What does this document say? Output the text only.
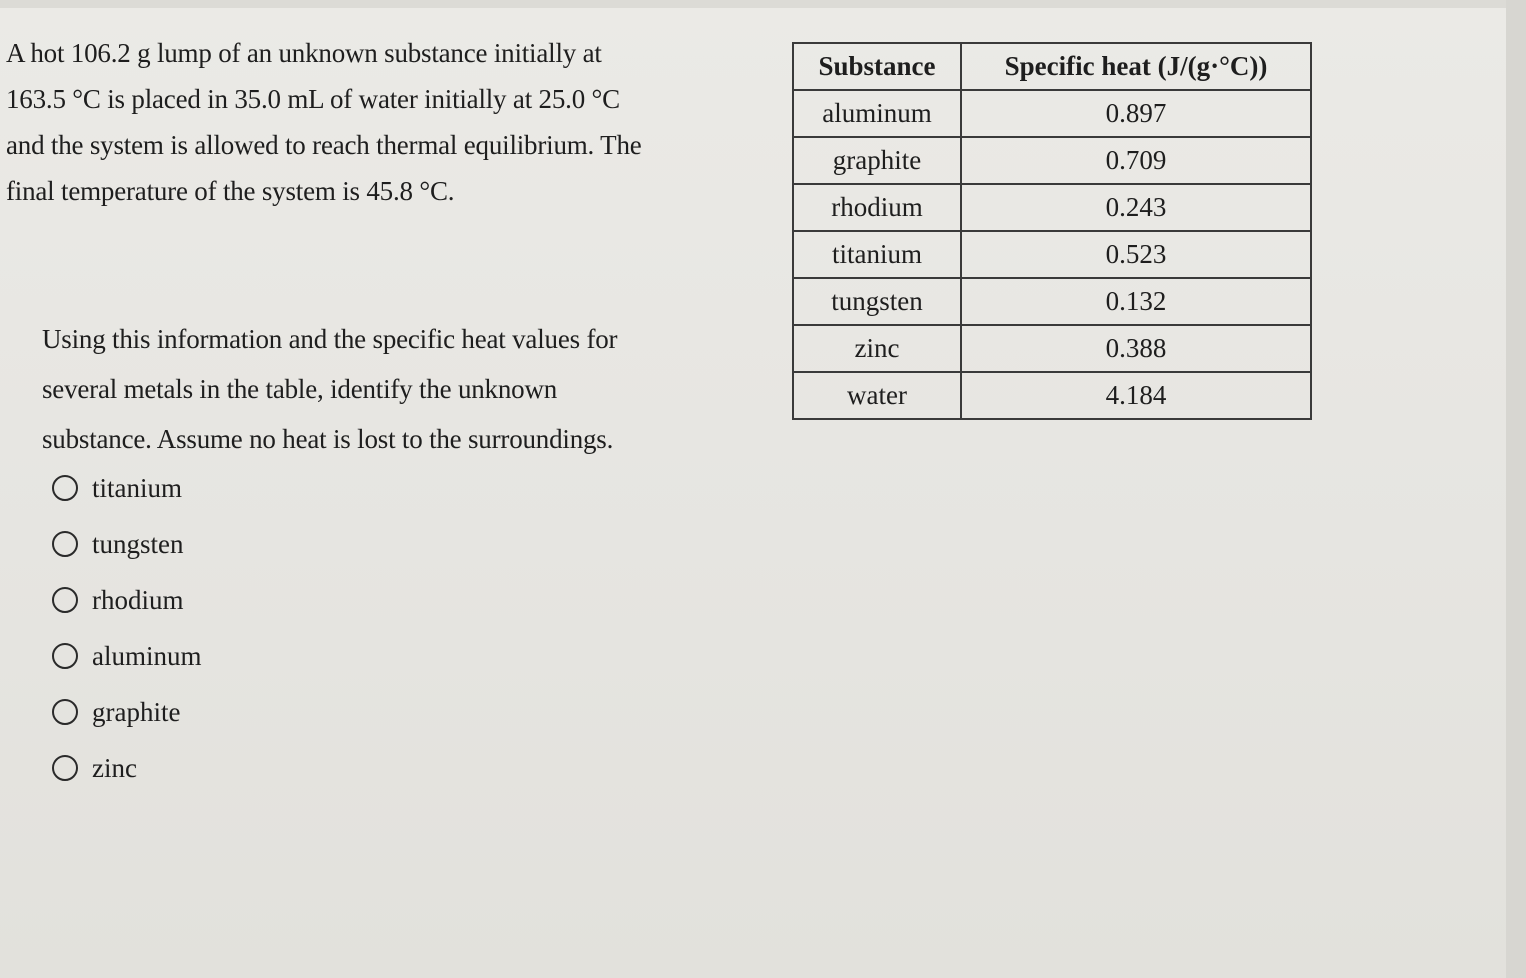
A hot 106.2 g lump of an unknown substance initially at
163.5 °C is placed in 35.0 mL of water initially at 25.0 °C
and the system is allowed to reach thermal equilibrium. The
final temperature of the system is 45.8 °C.
Using this information and the specific heat values for
several metals in the table, identify the unknown
substance. Assume no heat is lost to the surroundings.
titanium
tungsten
rhodium
aluminum
graphite
zinc
Substance	Specific heat (J/(g·°C))
aluminum	0.897
graphite	0.709
rhodium	0.243
titanium	0.523
tungsten	0.132
zinc	0.388
water	4.184
